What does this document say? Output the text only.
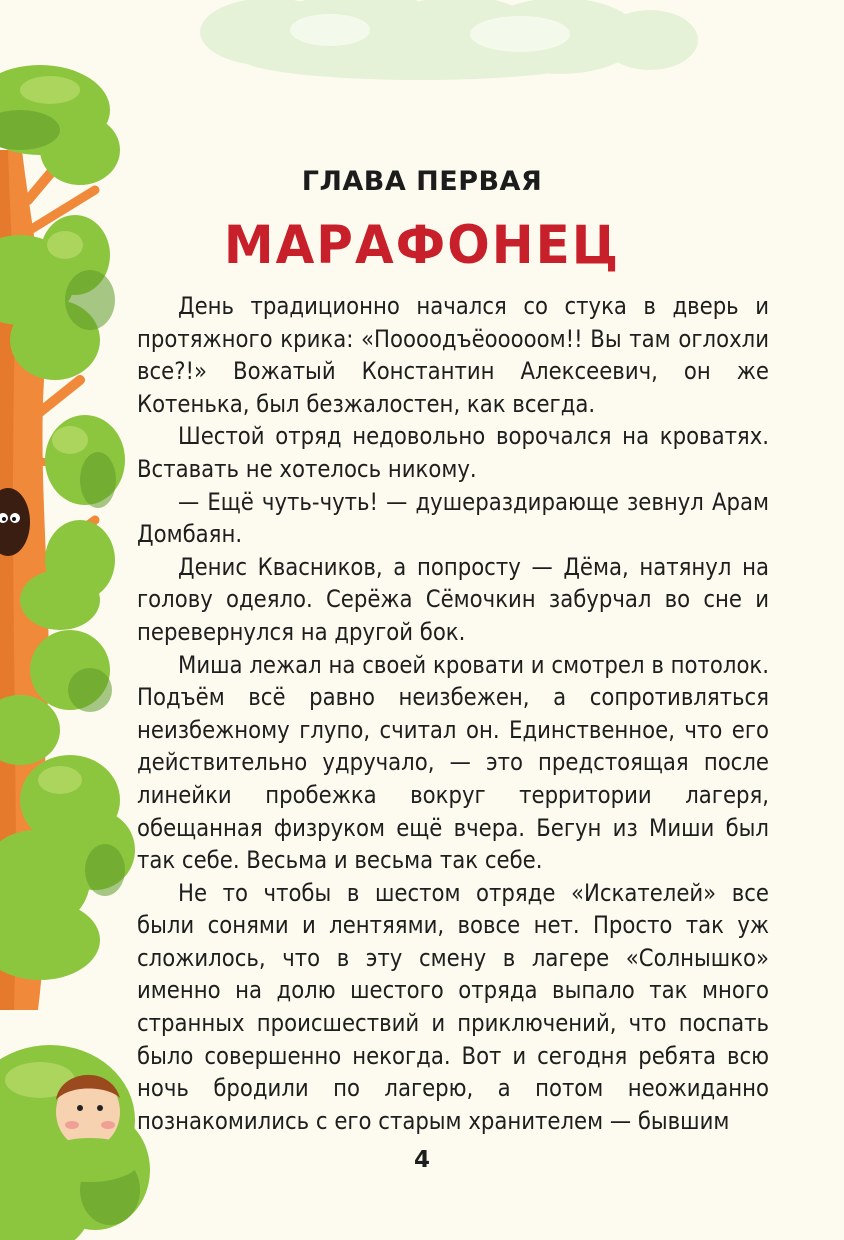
ГЛАВА ПЕРВАЯ
МАРАФОНЕЦ

День традиционно начался со стука в дверь и протяжного крика: «Пооoодъёооооом!! Вы там оглохли все?!» Вожатый Константин Алексеевич, он же Котенька, был безжалостен, как всегда.

Шестой отряд недовольно ворочался на кроватях. Вставать не хотелось никому.

— Ещё чуть-чуть! — душераздирающе зевнул Арам Домбаян.

Денис Квасников, а попросту — Дёма, натянул на голову одеяло. Серёжа Сёмочкин забурчал во сне и перевернулся на другой бок.

Миша лежал на своей кровати и смотрел в потолок. Подъём всё равно неизбежен, а сопротивляться неизбежному глупо, считал он. Единственное, что его действительно удручало, — это предстоящая после линейки пробежка вокруг территории лагеря, обещанная физруком ещё вчера. Бегун из Миши был так себе. Весьма и весьма так себе.

Не то чтобы в шестом отряде «Искателей» все были сонями и лентяями, вовсе нет. Просто так уж сложилось, что в эту смену в лагере «Солнышко» именно на долю шестого отряда выпало так много странных происшествий и приключений, что поспать было совершенно некогда. Вот и сегодня ребята всю ночь бродили по лагерю, а потом неожиданно познакомились с его старым хранителем — бывшим

4
